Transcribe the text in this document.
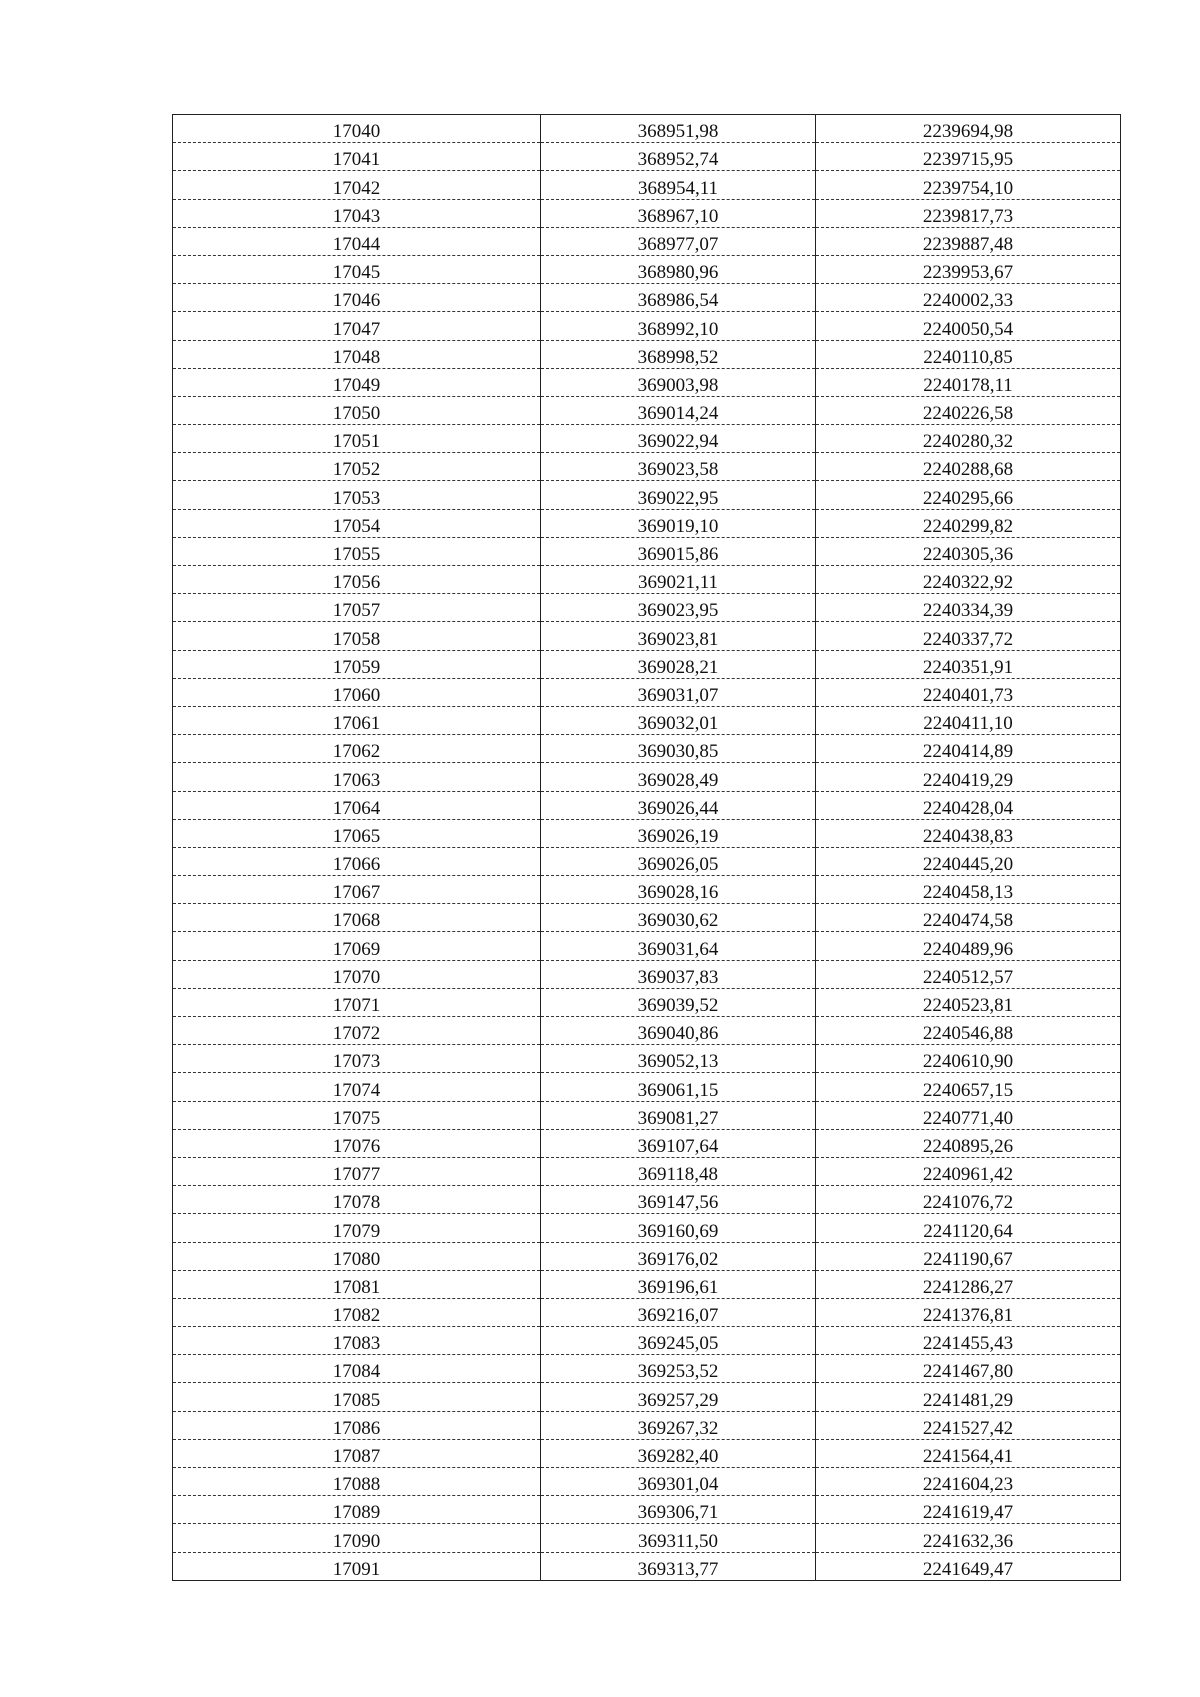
17040	368951,98	2239694,98
17041	368952,74	2239715,95
17042	368954,11	2239754,10
17043	368967,10	2239817,73
17044	368977,07	2239887,48
17045	368980,96	2239953,67
17046	368986,54	2240002,33
17047	368992,10	2240050,54
17048	368998,52	2240110,85
17049	369003,98	2240178,11
17050	369014,24	2240226,58
17051	369022,94	2240280,32
17052	369023,58	2240288,68
17053	369022,95	2240295,66
17054	369019,10	2240299,82
17055	369015,86	2240305,36
17056	369021,11	2240322,92
17057	369023,95	2240334,39
17058	369023,81	2240337,72
17059	369028,21	2240351,91
17060	369031,07	2240401,73
17061	369032,01	2240411,10
17062	369030,85	2240414,89
17063	369028,49	2240419,29
17064	369026,44	2240428,04
17065	369026,19	2240438,83
17066	369026,05	2240445,20
17067	369028,16	2240458,13
17068	369030,62	2240474,58
17069	369031,64	2240489,96
17070	369037,83	2240512,57
17071	369039,52	2240523,81
17072	369040,86	2240546,88
17073	369052,13	2240610,90
17074	369061,15	2240657,15
17075	369081,27	2240771,40
17076	369107,64	2240895,26
17077	369118,48	2240961,42
17078	369147,56	2241076,72
17079	369160,69	2241120,64
17080	369176,02	2241190,67
17081	369196,61	2241286,27
17082	369216,07	2241376,81
17083	369245,05	2241455,43
17084	369253,52	2241467,80
17085	369257,29	2241481,29
17086	369267,32	2241527,42
17087	369282,40	2241564,41
17088	369301,04	2241604,23
17089	369306,71	2241619,47
17090	369311,50	2241632,36
17091	369313,77	2241649,47
